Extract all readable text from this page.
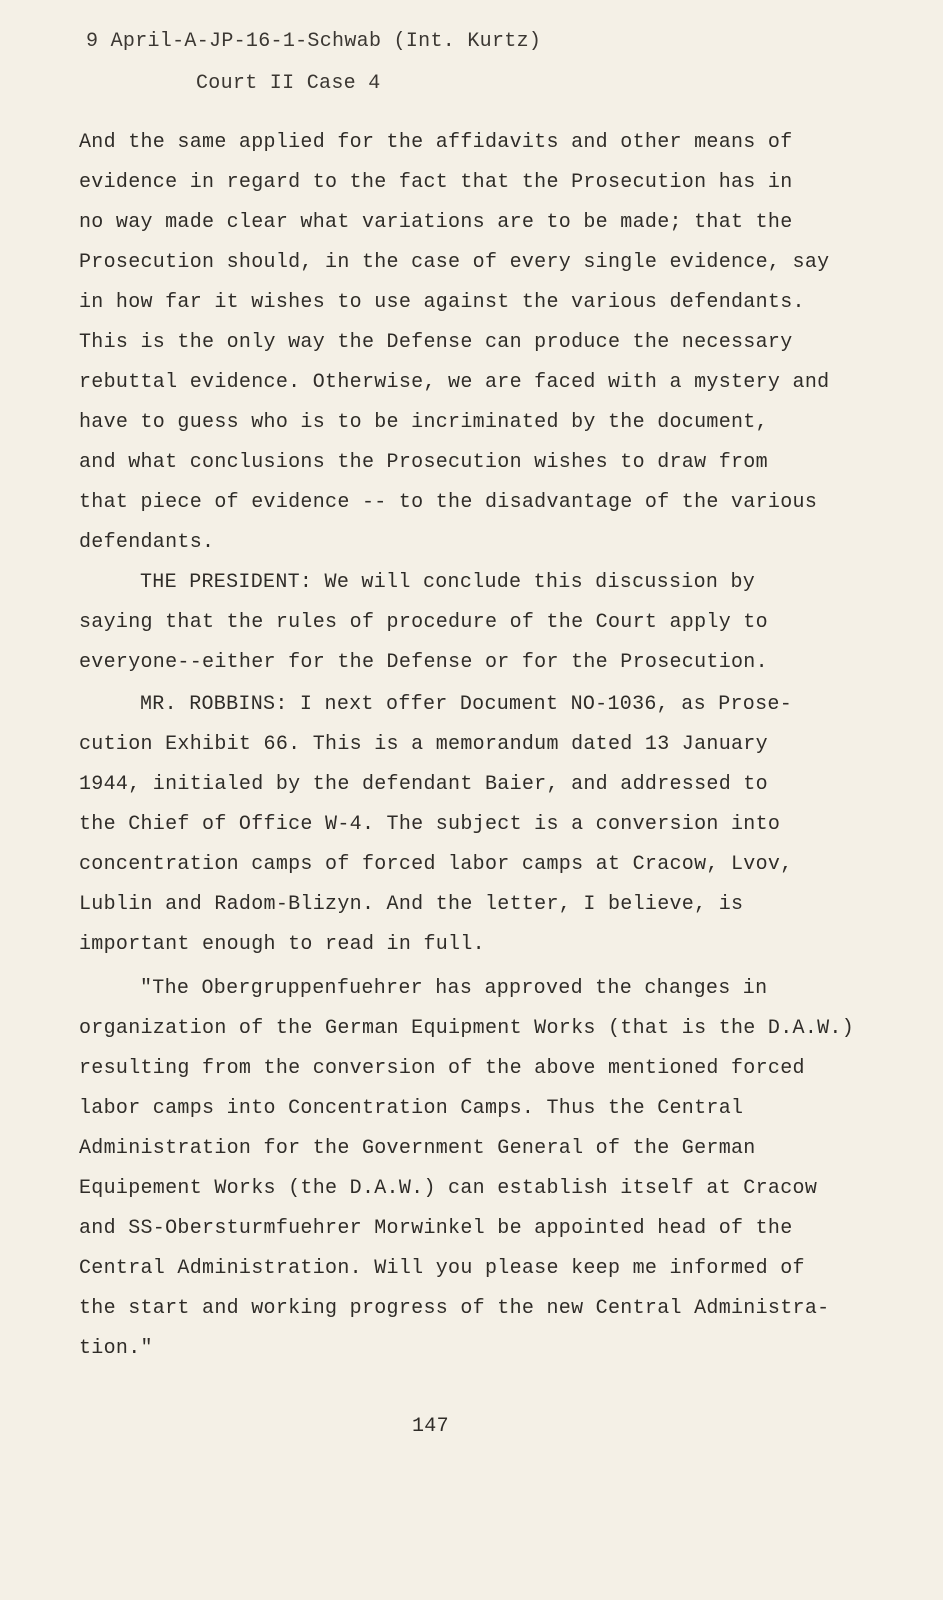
9 April-A-JP-16-1-Schwab (Int. Kurtz)
Court II Case 4
And the same applied for the affidavits and other means of
evidence in regard to the fact that the Prosecution has in
no way made clear what variations are to be made; that the
Prosecution should, in the case of every single evidence, say
in how far it wishes to use against the various defendants.
This is the only way the Defense can produce the necessary
rebuttal evidence. Otherwise, we are faced with a mystery and
have to guess who is to be incriminated by the document,
and what conclusions the Prosecution wishes to draw from
that piece of evidence -- to the disadvantage of the various
defendants.
THE PRESIDENT: We will conclude this discussion by
saying that the rules of procedure of the Court apply to
everyone--either for the Defense or for the Prosecution.
MR. ROBBINS: I next offer Document NO-1036, as Prose-
cution Exhibit 66. This is a memorandum dated 13 January
1944, initialed by the defendant Baier, and addressed to
the Chief of Office W-4. The subject is a conversion into
concentration camps of forced labor camps at Cracow, Lvov,
Lublin and Radom-Blizyn. And the letter, I believe, is
important enough to read in full.
"The Obergruppenfuehrer has approved the changes in
organization of the German Equipment Works (that is the D.A.W.)
resulting from the conversion of the above mentioned forced
labor camps into Concentration Camps. Thus the Central
Administration for the Government General of the German
Equipement Works (the D.A.W.) can establish itself at Cracow
and SS-Obersturmfuehrer Morwinkel be appointed head of the
Central Administration. Will you please keep me informed of
the start and working progress of the new Central Administra-
tion."
147
